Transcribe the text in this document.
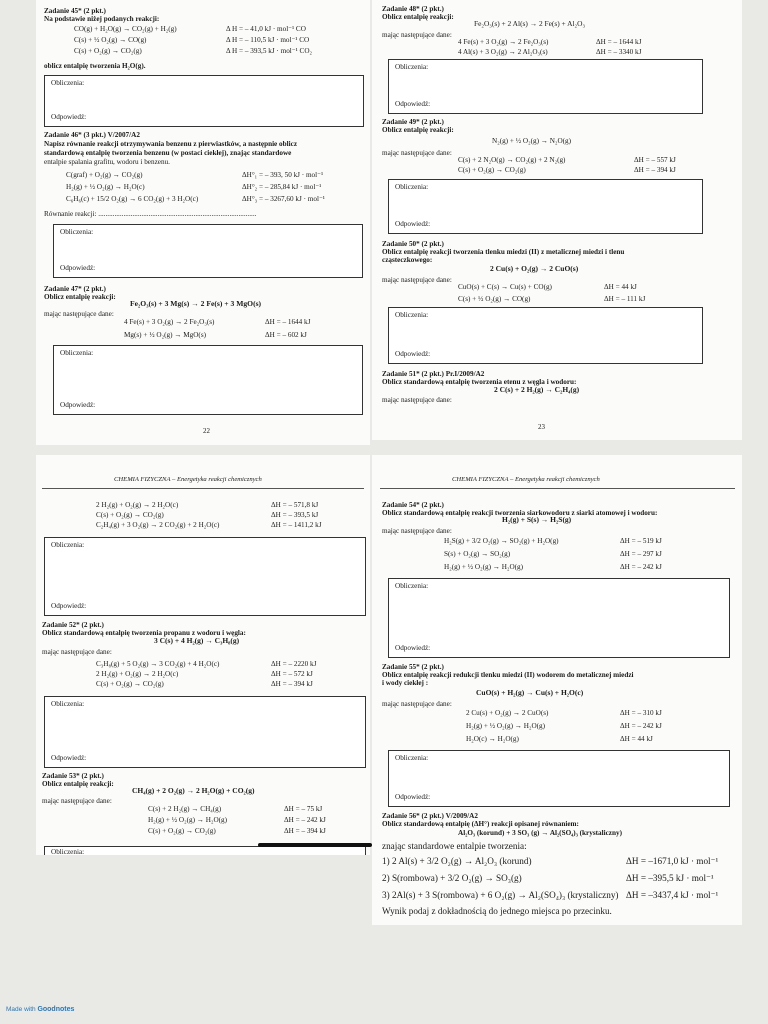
Zadanie 45* (2 pkt.)
Na podstawie niżej podanych reakcji:
CO(g) + H₂O(g) → CO₂(g) + H₂(g)
C(s) + ½ O₂(g) → CO(g)
C(s) + O₂(g) → CO₂(g)
Δ H = – 41,0 kJ · mol⁻¹ CO
Δ H = – 110,5 kJ · mol⁻¹ CO
Δ H = – 393,5 kJ · mol⁻¹ CO₂
oblicz entalpię tworzenia H₂O(g).
Obliczenia:
Odpowiedź:
Zadanie 46* (3 pkt.) V/2007/A2
Napisz równanie reakcji otrzymywania benzenu z pierwiastków, a następnie oblicz
standardową entalpię tworzenia benzenu (w postaci ciekłej), znając standardowe
entalpie spalania grafitu, wodoru i benzenu.
C(graf) + O₂(g) → CO₂(g)
H₂(g) + ½ O₂(g) → H₂O(c)
C₆H₆(c) + 15/2 O₂(g) → 6 CO₂(g) + 3 H₂O(c)
ΔH°₁ = – 393, 50 kJ · mol⁻¹
ΔH°₂ = – 285,84 kJ · mol⁻¹
ΔH°₃ = – 3267,60 kJ · mol⁻¹
Równanie reakcji: ........................................................................................
Obliczenia:
Odpowiedź:
Zadanie 47* (2 pkt.)
Oblicz entalpię reakcji:
Fe₂O₃(s) + 3 Mg(s) → 2 Fe(s) + 3 MgO(s)
mając następujące dane:
4 Fe(s) + 3 O₂(g) → 2 Fe₂O₃(s)
Mg(s) + ½ O₂(g) → MgO(s)
ΔH = – 1644 kJ
ΔH = – 602 kJ
Obliczenia:
Odpowiedź:
22
Zadanie 48* (2 pkt.)
Oblicz entalpię reakcji:
Fe₂O₃(s) + 2 Al(s) → 2 Fe(s) + Al₂O₃
mając następujące dane:
4 Fe(s) + 3 O₂(g) → 2 Fe₂O₃(s)
4 Al(s) + 3 O₂(g) → 2 Al₂O₃(s)
ΔH = – 1644 kJ
ΔH = – 3340 kJ
Obliczenia:
Odpowiedź:
Zadanie 49* (2 pkt.)
Oblicz entalpię reakcji:
N₂(g) + ½ O₂(g) → N₂O(g)
mając następujące dane:
C(s) + 2 N₂O(g) → CO₂(g) + 2 N₂(g)
C(s) + O₂(g) → CO₂(g)
ΔH = – 557 kJ
ΔH = – 394 kJ
Obliczenia:
Odpowiedź:
Zadanie 50* (2 pkt.)
Oblicz entalpię reakcji tworzenia tlenku miedzi (II) z metalicznej miedzi i tlenu
cząsteczkowego:
2 Cu(s) + O₂(g) → 2 CuO(s)
mając następujące dane:
CuO(s) + C(s) → Cu(s) + CO(g)
C(s) + ½ O₂(g) → CO(g)
ΔH = 44 kJ
ΔH = – 111 kJ
Obliczenia:
Odpowiedź:
Zadanie 51* (2 pkt.) Pr.I/2009/A2
Oblicz standardową entalpię tworzenia etenu z węgla i wodoru:
2 C(s) + 2 H₂(g) → C₂H₄(g)
mając następujące dane:
23
CHEMIA FIZYCZNA – Energetyka reakcji chemicznych
2 H₂(g) + O₂(g) → 2 H₂O(c)
C(s) + O₂(g) → CO₂(g)
C₂H₄(g) + 3 O₂(g) → 2 CO₂(g) + 2 H₂O(c)
ΔH = – 571,8 kJ
ΔH = – 393,5 kJ
ΔH = – 1411,2 kJ
Obliczenia:
Odpowiedź:
Zadanie 52* (2 pkt.)
Oblicz standardową entalpię tworzenia propanu z wodoru i węgla:
3 C(s) + 4 H₂(g) → C₃H₈(g)
mając następujące dane:
C₃H₈(g) + 5 O₂(g) → 3 CO₂(g) + 4 H₂O(c)
2 H₂(g) + O₂(g) → 2 H₂O(c)
C(s) + O₂(g) → CO₂(g)
ΔH = – 2220 kJ
ΔH = – 572 kJ
ΔH = – 394 kJ
Obliczenia:
Odpowiedź:
Zadanie 53* (2 pkt.)
Oblicz entalpię reakcji:
CH₄(g) + 2 O₂(g) → 2 H₂O(g) + CO₂(g)
mając następujące dane:
C(s) + 2 H₂(g) → CH₄(g)
H₂(g) + ½ O₂(g) → H₂O(g)
C(s) + O₂(g) → CO₂(g)
ΔH = – 75 kJ
ΔH = – 242 kJ
ΔH = – 394 kJ
Obliczenia:
CHEMIA FIZYCZNA – Energetyka reakcji chemicznych
Zadanie 54* (2 pkt.)
Oblicz standardową entalpię reakcji tworzenia siarkowodoru z siarki atomowej i wodoru:
H₂(g) + S(s) → H₂S(g)
mając następujące dane:
H₂S(g) + 3/2 O₂(g) → SO₂(g) + H₂O(g)
S(s) + O₂(g) → SO₂(g)
H₂(g) + ½ O₂(g) → H₂O(g)
ΔH = – 519 kJ
ΔH = – 297 kJ
ΔH = – 242 kJ
Obliczenia:
Odpowiedź:
Zadanie 55* (2 pkt.)
Oblicz entalpię reakcji redukcji tlenku miedzi (II) wodorem do metalicznej miedzi
i wody ciekłej :
CuO(s) + H₂(g) → Cu(s) + H₂O(c)
mając następujące dane:
2 Cu(s) + O₂(g) → 2 CuO(s)
H₂(g) + ½ O₂(g) → H₂O(g)
H₂O(c) → H₂O(g)
ΔH = – 310 kJ
ΔH = – 242 kJ
ΔH = 44 kJ
Obliczenia:
Odpowiedź:
Zadanie 56* (2 pkt.) V/2009/A2
Oblicz standardową entalpię (ΔH°) reakcji opisanej równaniem:
Al₂O₃ (korund) + 3 SO₃ (g) → Al₂(SO₄)₃ (krystaliczny)
znając standardowe entalpie tworzenia:
1) 2 Al(s) + 3/2 O₂(g) → Al₂O₃ (korund)
2) S(rombowa) + 3/2 O₂(g) → SO₃(g)
3) 2Al(s) + 3 S(rombowa) + 6 O₂(g) → Al₂(SO₄)₃ (krystaliczny)
ΔH = –1671,0 kJ · mol⁻¹
ΔH = –395,5 kJ · mol⁻¹
ΔH = –3437,4 kJ · mol⁻¹
Wynik podaj z dokładnością do jednego miejsca po przecinku.
Made with Goodnotes
